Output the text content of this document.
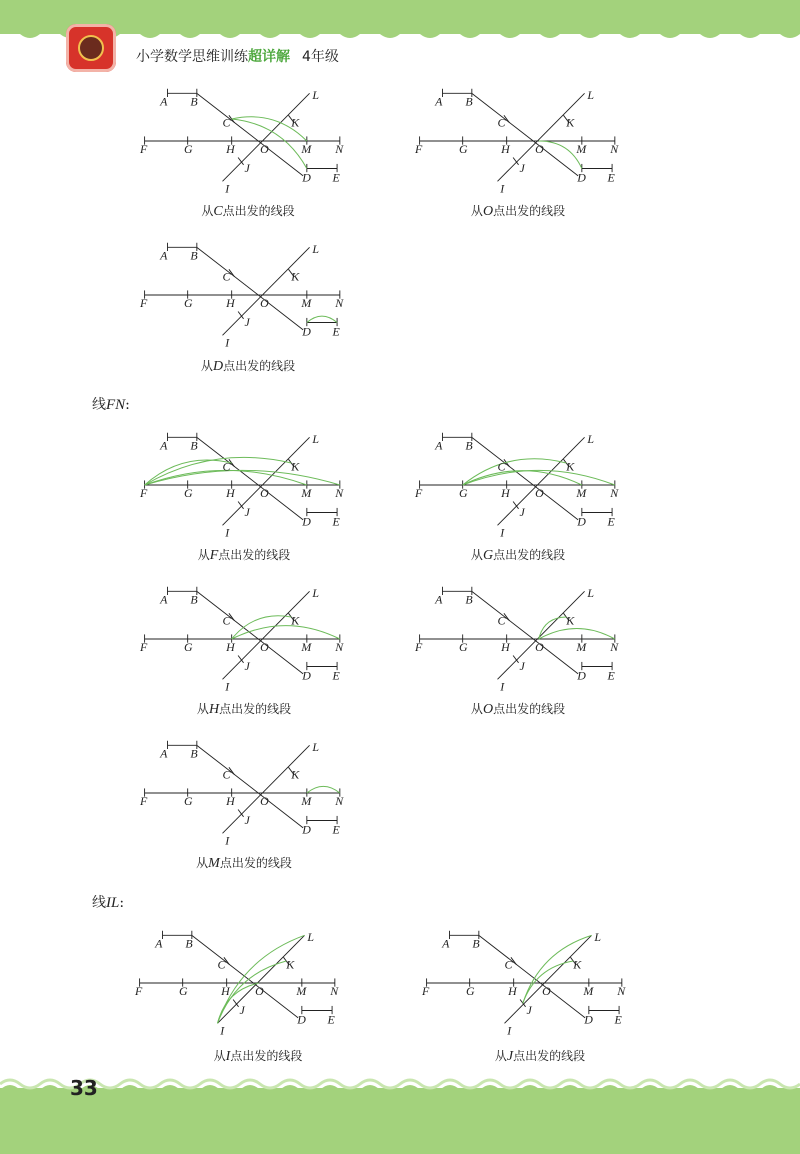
小学数学思维训练超详解 4年级
A B	L
C	K
F	G	H O	M N
J
I
D E
A B	L
C	K
F	G	H O	M N
J
I
D E
A B	L
C	K
F	G	H O	M N
J
I
D E
A B	L
C	K
F	G	H O	M N
J
I
D E
A B	L
C	K
F	G	H O	M N
J
I
D E
A B	L
C	K
F	G	H O	M N
J
I
D E
A B	L
C	K
F	G	H O	M N
J
I
D E
A B	L
C	K
F	G	H O	M N
J
I
D E
A B	L
C	K
F	G	H O	M N
J
I
D E
A B	L
C	K
F	G	H O	M N
J
I
D E
从C点出发的线段	从O点出发的线段
从D点出发的线段
从F点出发的线段	从G点出发的线段
从H点出发的线段	从O点出发的线段
从M点出发的线段
从I点出发的线段	从J点出发的线段
线FN:
线IL:
33
